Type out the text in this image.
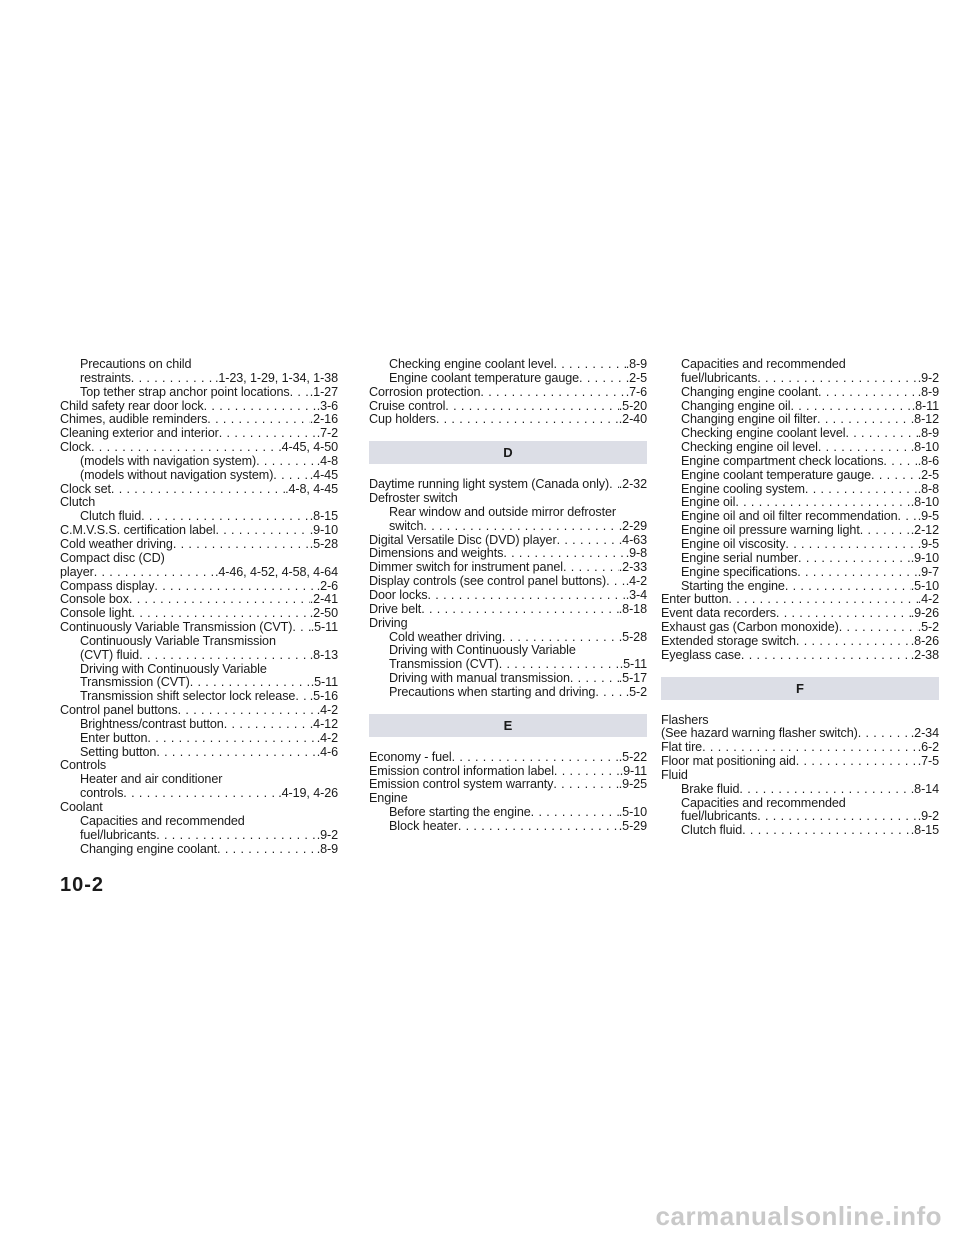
Precautions on child
restraints . . .	.1-23, 1-29, 1-34, 1-38
Top tether strap anchor point locations . . . .1-27
Child safety rear door lock . . .	.3-6
Chimes, audible reminders . . .	.2-16
Cleaning exterior and interior . . .	.7-2
Clock . . .	.4-45, 4-50
(models with navigation system) . . .	.4-8
(models without navigation system) . . .	.4-45
Clock set . . .	.4-8, 4-45
Clutch
Clutch fluid . . .	.8-15
C.M.V.S.S. certification label . . .	.9-10
Cold weather driving . . .	.5-28
Compact disc (CD)
player . . .	.4-46, 4-52, 4-58, 4-64
Compass display . . .	.2-6
Console box . . .	.2-41
Console light . . .	.2-50
Continuously Variable Transmission (CVT) . . . .5-11
Continuously Variable Transmission
(CVT) fluid . . .	.8-13
Driving with Continuously Variable
Transmission (CVT) . . .	.5-11
Transmission shift selector lock release . . . .5-16
Control panel buttons . . .	.4-2
Brightness/contrast button . . .	.4-12
Enter button . . .	.4-2
Setting button . . .	.4-6
Controls
Heater and air conditioner
controls . . .	.4-19, 4-26
Coolant
Capacities and recommended
fuel/lubricants . . .	.9-2
Changing engine coolant . . .	.8-9
Checking engine coolant level . . .	.8-9
Engine coolant temperature gauge . . .	.2-5
Corrosion protection . . .	.7-6
Cruise control . . .	.5-20
Cup holders . . .	.2-40
D
Daytime running light system (Canada only) . . . .2-32
Defroster switch
Rear window and outside mirror defroster
switch . . .	.2-29
Digital Versatile Disc (DVD) player . . .	.4-63
Dimensions and weights . . .	.9-8
Dimmer switch for instrument panel . . .	.2-33
Display controls (see control panel buttons) . . . .4-2
Door locks . . .	.3-4
Drive belt . . .	.8-18
Driving
Cold weather driving . . .	.5-28
Driving with Continuously Variable
Transmission (CVT) . . .	.5-11
Driving with manual transmission . . .	.5-17
Precautions when starting and driving . . . .5-2
E
Economy - fuel . . .	.5-22
Emission control information label . . .	.9-11
Emission control system warranty . . .	.9-25
Engine
Before starting the engine . . .	.5-10
Block heater . . .	.5-29
Capacities and recommended
fuel/lubricants . . .	.9-2
Changing engine coolant . . .	.8-9
Changing engine oil . . .	.8-11
Changing engine oil filter . . .	.8-12
Checking engine coolant level . . .	.8-9
Checking engine oil level . . .	.8-10
Engine compartment check locations . . .	.8-6
Engine coolant temperature gauge . . .	.2-5
Engine cooling system . . .	.8-8
Engine oil . . .	.8-10
Engine oil and oil filter recommendation . . . .9-5
Engine oil pressure warning light . . .	.2-12
Engine oil viscosity . . .	.9-5
Engine serial number . . .	.9-10
Engine specifications . . .	.9-7
Starting the engine . . .	.5-10
Enter button . . .	.4-2
Event data recorders . . .	.9-26
Exhaust gas (Carbon monoxide) . . .	.5-2
Extended storage switch . . .	.8-26
Eyeglass case . . .	.2-38
F
Flashers
(See hazard warning flasher switch) . . .	.2-34
Flat tire . . .	.6-2
Floor mat positioning aid . . .	.7-5
Fluid
Brake fluid . . .	.8-14
Capacities and recommended
fuel/lubricants . . .	.9-2
Clutch fluid . . .	.8-15
10-2
carmanualsonline.info
